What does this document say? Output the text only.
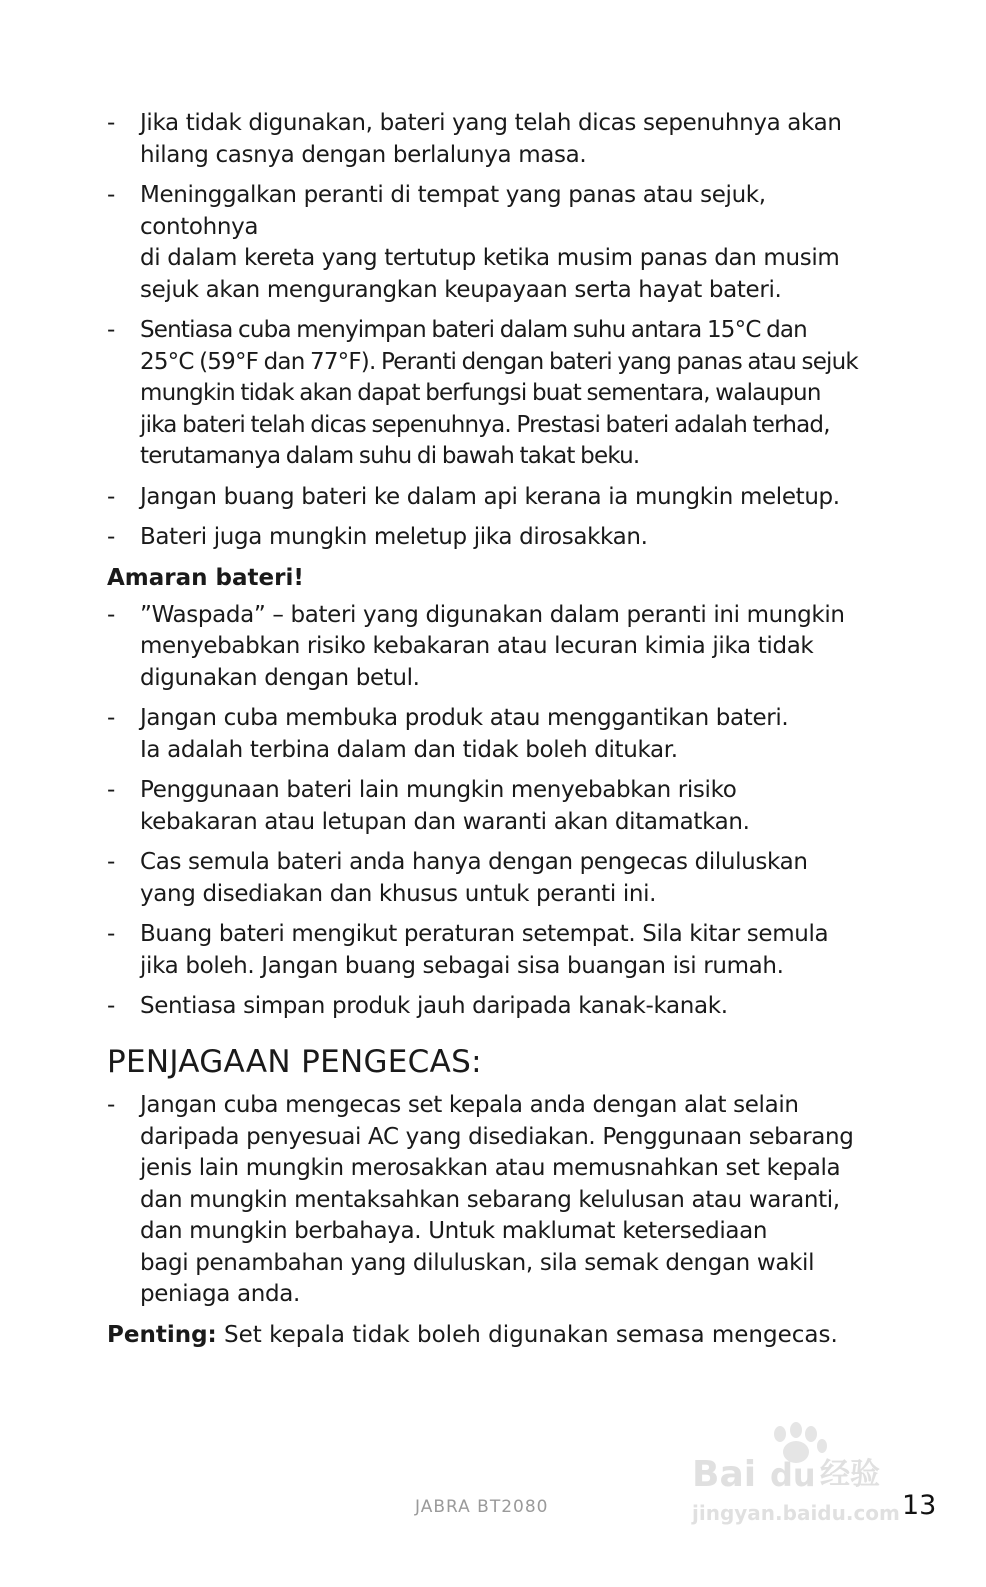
- Jika tidak digunakan, bateri yang telah dicas sepenuhnya akan
hilang casnya dengan berlalunya masa.
- Meninggalkan peranti di tempat yang panas atau sejuk, contohnya
di dalam kereta yang tertutup ketika musim panas dan musim
sejuk akan mengurangkan keupayaan serta hayat bateri.
- Sentiasa cuba menyimpan bateri dalam suhu antara 15°C dan
25°C (59°F dan 77°F). Peranti dengan bateri yang panas atau sejuk
mungkin tidak akan dapat berfungsi buat sementara, walaupun
jika bateri telah dicas sepenuhnya. Prestasi bateri adalah terhad,
terutamanya dalam suhu di bawah takat beku.
- Jangan buang bateri ke dalam api kerana ia mungkin meletup.
- Bateri juga mungkin meletup jika dirosakkan.
Amaran bateri!
- ”Waspada” – bateri yang digunakan dalam peranti ini mungkin
menyebabkan risiko kebakaran atau lecuran kimia jika tidak
digunakan dengan betul.
- Jangan cuba membuka produk atau menggantikan bateri.
Ia adalah terbina dalam dan tidak boleh ditukar.
- Penggunaan bateri lain mungkin menyebabkan risiko
kebakaran atau letupan dan waranti akan ditamatkan.
- Cas semula bateri anda hanya dengan pengecas diluluskan
yang disediakan dan khusus untuk peranti ini.
- Buang bateri mengikut peraturan setempat. Sila kitar semula
jika boleh. Jangan buang sebagai sisa buangan isi rumah.
- Sentiasa simpan produk jauh daripada kanak-kanak.
PENJAGAAN PENGECAS:
- Jangan cuba mengecas set kepala anda dengan alat selain
daripada penyesuai AC yang disediakan. Penggunaan sebarang
jenis lain mungkin merosakkan atau memusnahkan set kepala
dan mungkin mentaksahkan sebarang kelulusan atau waranti,
dan mungkin berbahaya. Untuk maklumat ketersediaan
bagi penambahan yang diluluskan, sila semak dengan wakil
peniaga anda.
Penting: Set kepala tidak boleh digunakan semasa mengecas.
Bai du 经验
jingyan.baidu.com
JABRA BT2080	13
